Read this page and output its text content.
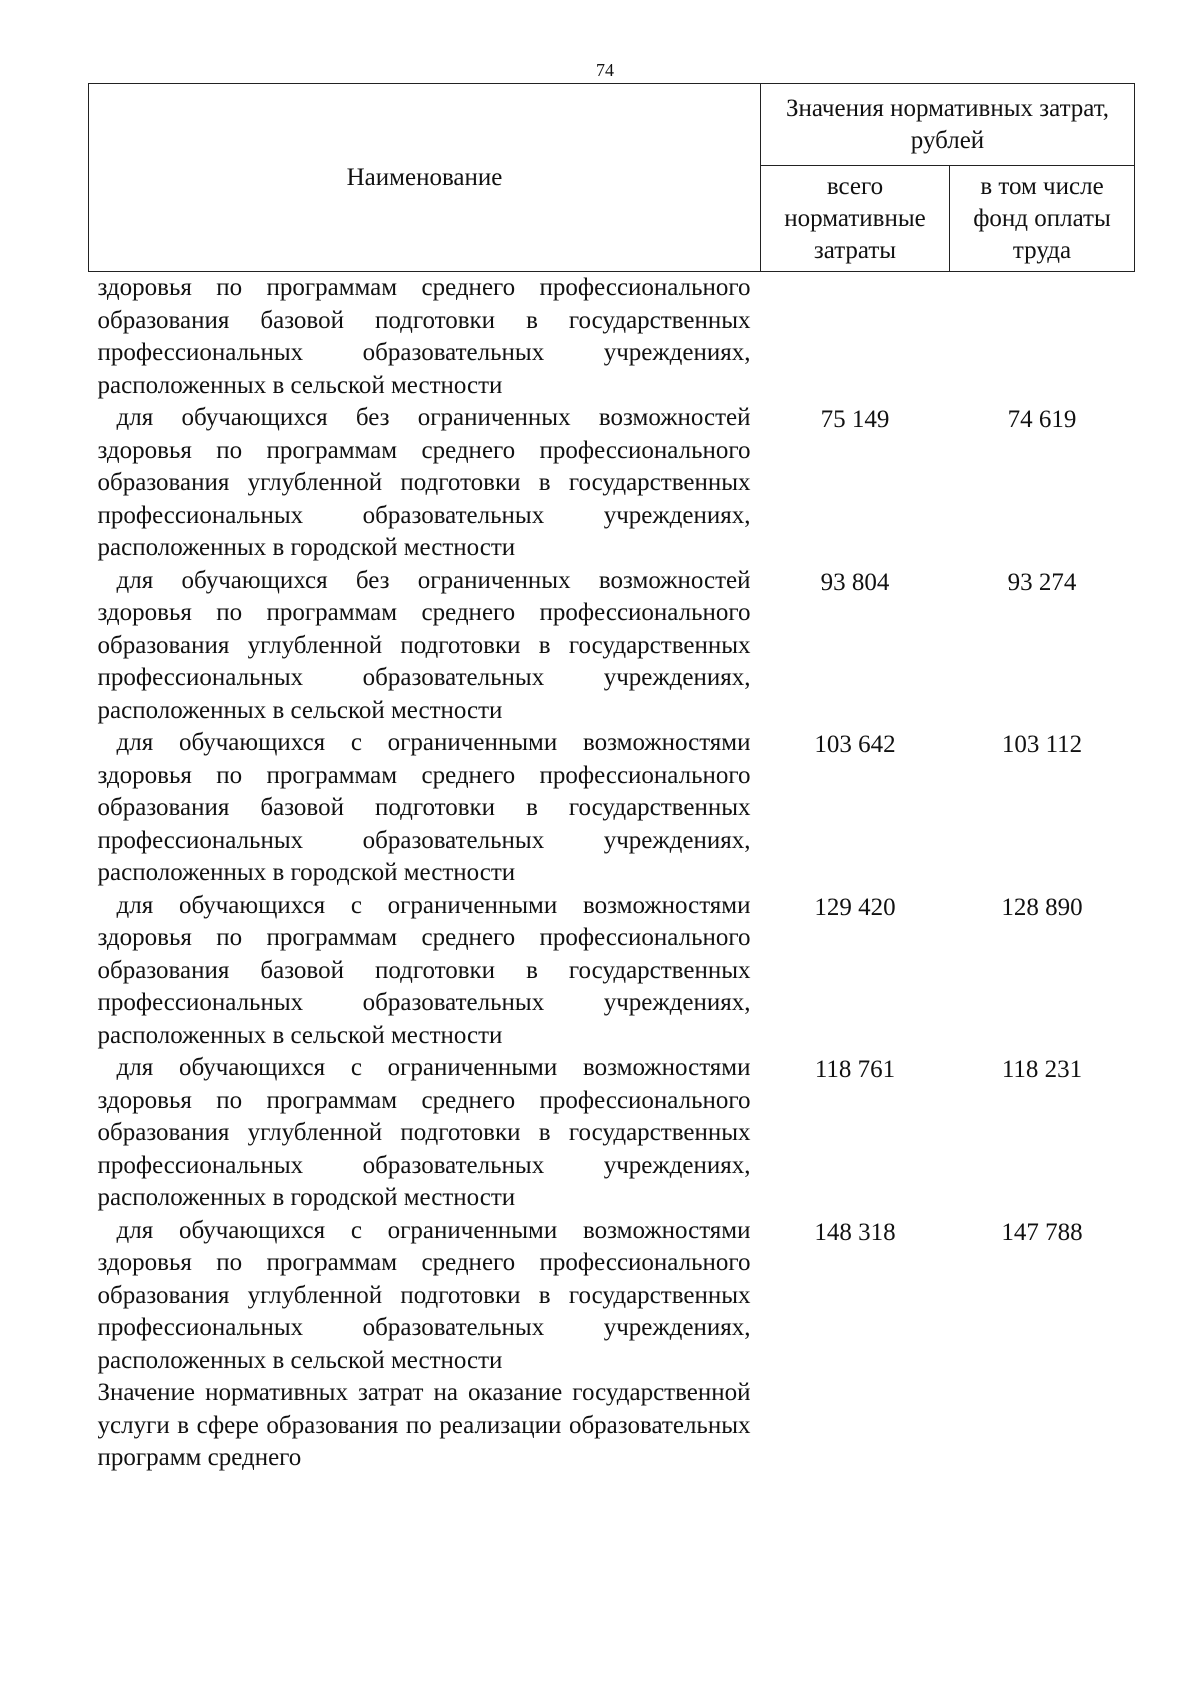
74
Наименование	Значения нормативных затрат, рублей	
	всего нормативные затраты	в том числе фонд оплаты труда
здоровья по программам среднего профессионального образования базовой подготовки в государственных профессиональных образовательных учреждениях, расположенных в сельской местности		
для обучающихся без ограниченных возможностей здоровья по программам среднего профессионального образования углубленной подготовки в государственных профессиональных образовательных учреждениях, расположенных в городской местности	75 149	74 619
для обучающихся без ограниченных возможностей здоровья по программам среднего профессионального образования углубленной подготовки в государственных профессиональных образовательных учреждениях, расположенных в сельской местности	93 804	93 274
для обучающихся с ограниченными возможностями здоровья по программам среднего профессионального образования базовой подготовки в государственных профессиональных образовательных учреждениях, расположенных в городской местности	103 642	103 112
для обучающихся с ограниченными возможностями здоровья по программам среднего профессионального образования базовой подготовки в государственных профессиональных образовательных учреждениях, расположенных в сельской местности	129 420	128 890
для обучающихся с ограниченными возможностями здоровья по программам среднего профессионального образования углубленной подготовки в государственных профессиональных образовательных учреждениях, расположенных в городской местности	118 761	118 231
для обучающихся с ограниченными возможностями здоровья по программам среднего профессионального образования углубленной подготовки в государственных профессиональных образовательных учреждениях, расположенных в сельской местности	148 318	147 788
Значение нормативных затрат на оказание государственной услуги в сфере образования по реализации образовательных программ среднего		
